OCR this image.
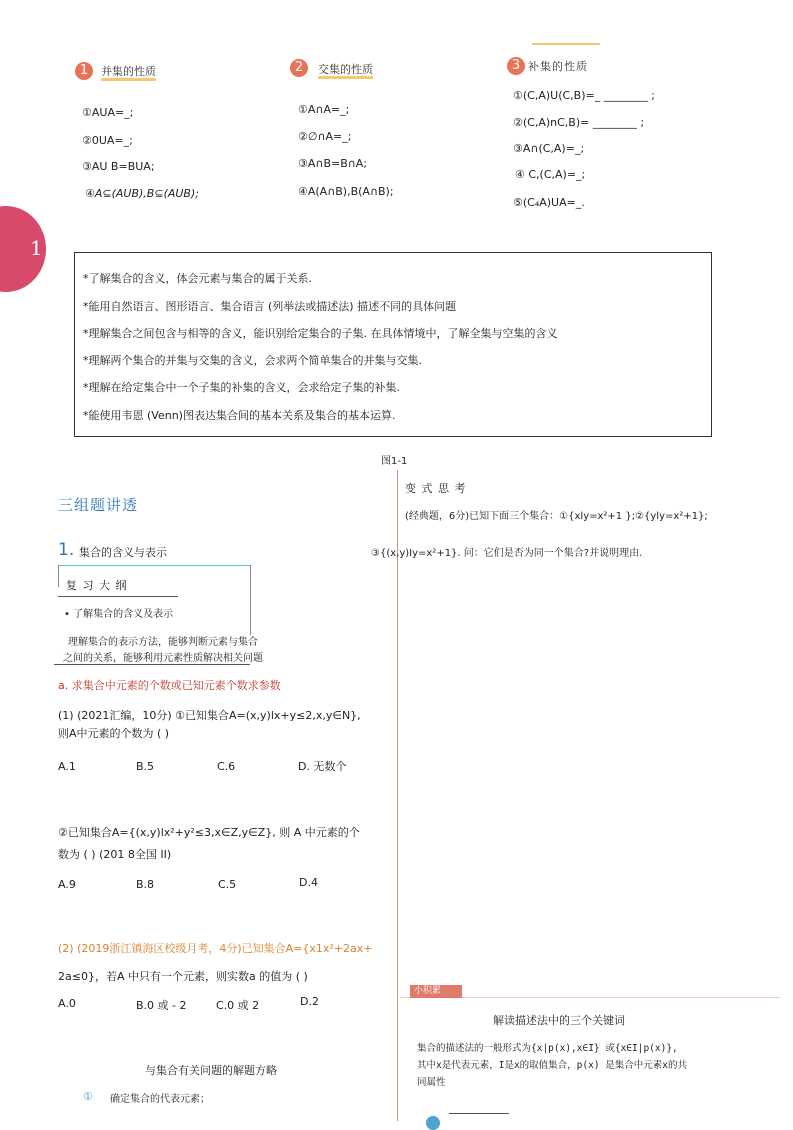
1	并集的性质	2	交集的性质	3 补集的性质
①AUA=_;
②0UA=_;
③AU B=BUA;
④A⊆(AUB),B⊆(AUB);
①A∩A=_;
②∅∩A=_;
③A∩B=B∩A;
④A(A∩B),B(A∩B);
①(C,A)U(C,B)=_ ________ ;
②(C,A)nC,B)= ________ ;
③A∩(C,A)=_;
④ C,(C,A)=_;
⑤(C₄A)UA=_.
1
*了解集合的含义，体会元素与集合的属于关系.
*能用自然语言、图形语言、集合语言 (列举法或描述法) 描述不同的具体问题
*理解集合之间包含与相等的含义，能识别给定集合的子集. 在具体情境中，了解全集与空集的含义
*理解两个集合的并集与交集的含义，会求两个简单集合的并集与交集.
*理解在给定集合中一个子集的补集的含义，会求给定子集的补集.
*能使用韦恩 (Venn)图表达集合间的基本关系及集合的基本运算.
图1-1
三组题讲透
1. 集合的含义与表示
复 习 大 纲
• 了解集合的含义及表示
理解集合的表示方法，能够判断元素与集合
之间的关系，能够利用元素性质解决相关问题
a. 求集合中元素的个数或已知元素个数求参数
(1) (2021汇编，10分) ①已知集合A=(x,y)lx+y≤2,x,y∈N},
则A中元素的个数为 ( )
A.1	B.5	C.6	D. 无数个
②已知集合A={(x,y)lx²+y²≤3,x∈Z,y∈Z}, 则 A 中元素的个
数为 ( ) (201 8全国 II)
A.9	B.8	C.5	D.4
(2) (2019浙江镇海区校级月考，4分)已知集合A={x1x²+2ax+
2a≤0}，若A 中只有一个元素，则实数a 的值为 ( )
A.0	B.0 或 - 2	C.0 或 2	D.2
与集合有关问题的解题方略
① 确定集合的代表元素；
变 式 思 考
(经典题，6分)已知下面三个集合：①{xly=x²+1 };②{yly=x²+1};
③{(x,y)Iy=x²+1}. 问：它们是否为同一个集合?并说明理由.
小积累
解读描述法中的三个关键词
集合的描述法的一般形式为{x|p(x),x∈I} 或{x∈I|p(x)},
其中x是代表元素，I是x的取值集合，p(x) 是集合中元素x的共
同属性
